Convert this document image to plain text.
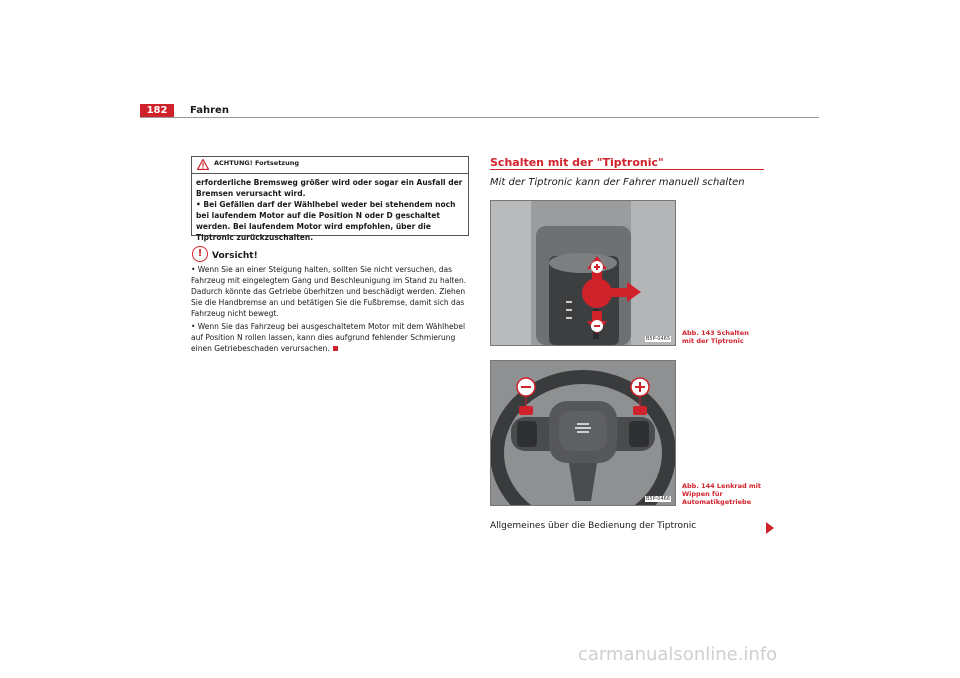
182	Fahren
ACHTUNG! Fortsetzung

erforderliche Bremsweg größer wird oder sogar ein Ausfall der Bremsen verursacht wird.

• Bei Gefällen darf der Wählhebel weder bei stehendem noch bei laufendem Motor auf die Position N oder D geschaltet werden. Bei laufendem Motor wird empfohlen, über die Tiptronic zurückzuschalten.

!	Vorsicht!

• Wenn Sie an einer Steigung halten, sollten Sie nicht versuchen, das Fahrzeug mit eingelegtem Gang und Beschleunigung im Stand zu halten. Dadurch könnte das Getriebe überhitzen und beschädigt werden. Ziehen Sie die Handbremse an und betätigen Sie die Fußbremse, damit sich das Fahrzeug nicht bewegt.

• Wenn Sie das Fahrzeug bei ausgeschaltetem Motor mit dem Wählhebel auf Position N rollen lassen, kann dies aufgrund fehlender Schmierung einen Getriebeschaden verursachen.

Schalten mit der "Tiptronic"
Mit der Tiptronic kann der Fahrer manuell schalten
B5P-0465
Abb. 143 Schalten mit der Tiptronic
B5P-0466
Abb. 144 Lenkrad mit Wippen für Automatikgetriebe
Allgemeines über die Bedienung der Tiptronic
carmanualsonline.info
